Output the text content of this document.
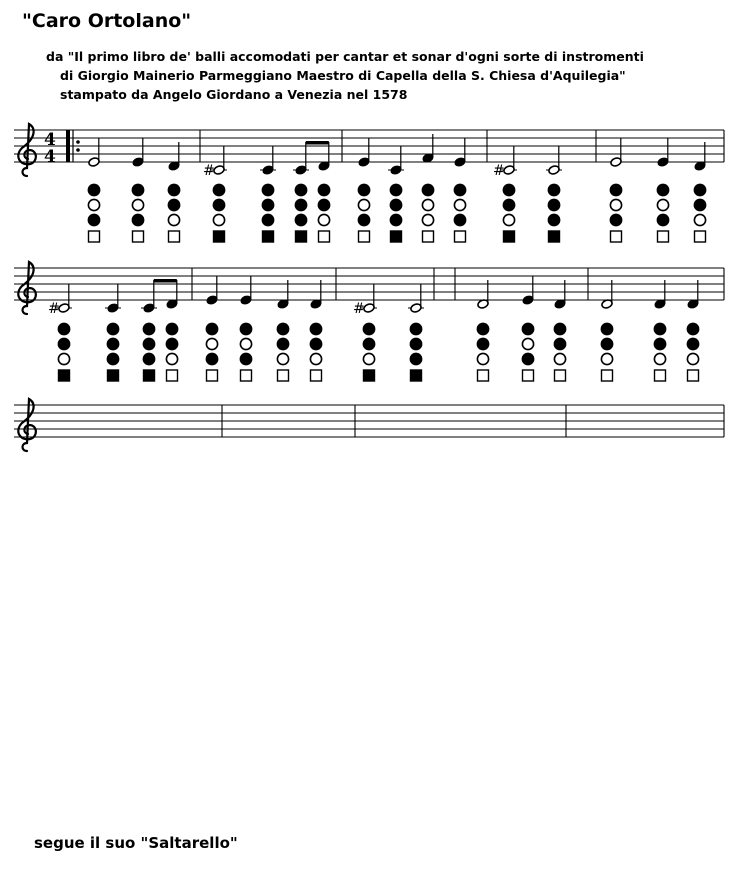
"Caro Ortolano"
da "Il primo libro de' balli accomodati per cantar et sonar d'ogni sorte di instromenti
di Giorgio Mainerio Parmeggiano Maestro di Capella della S. Chiesa d'Aquilegia"
stampato da Angelo Giordano a Venezia nel 1578
4
4
#	#
#	#
segue il suo "Saltarello"
